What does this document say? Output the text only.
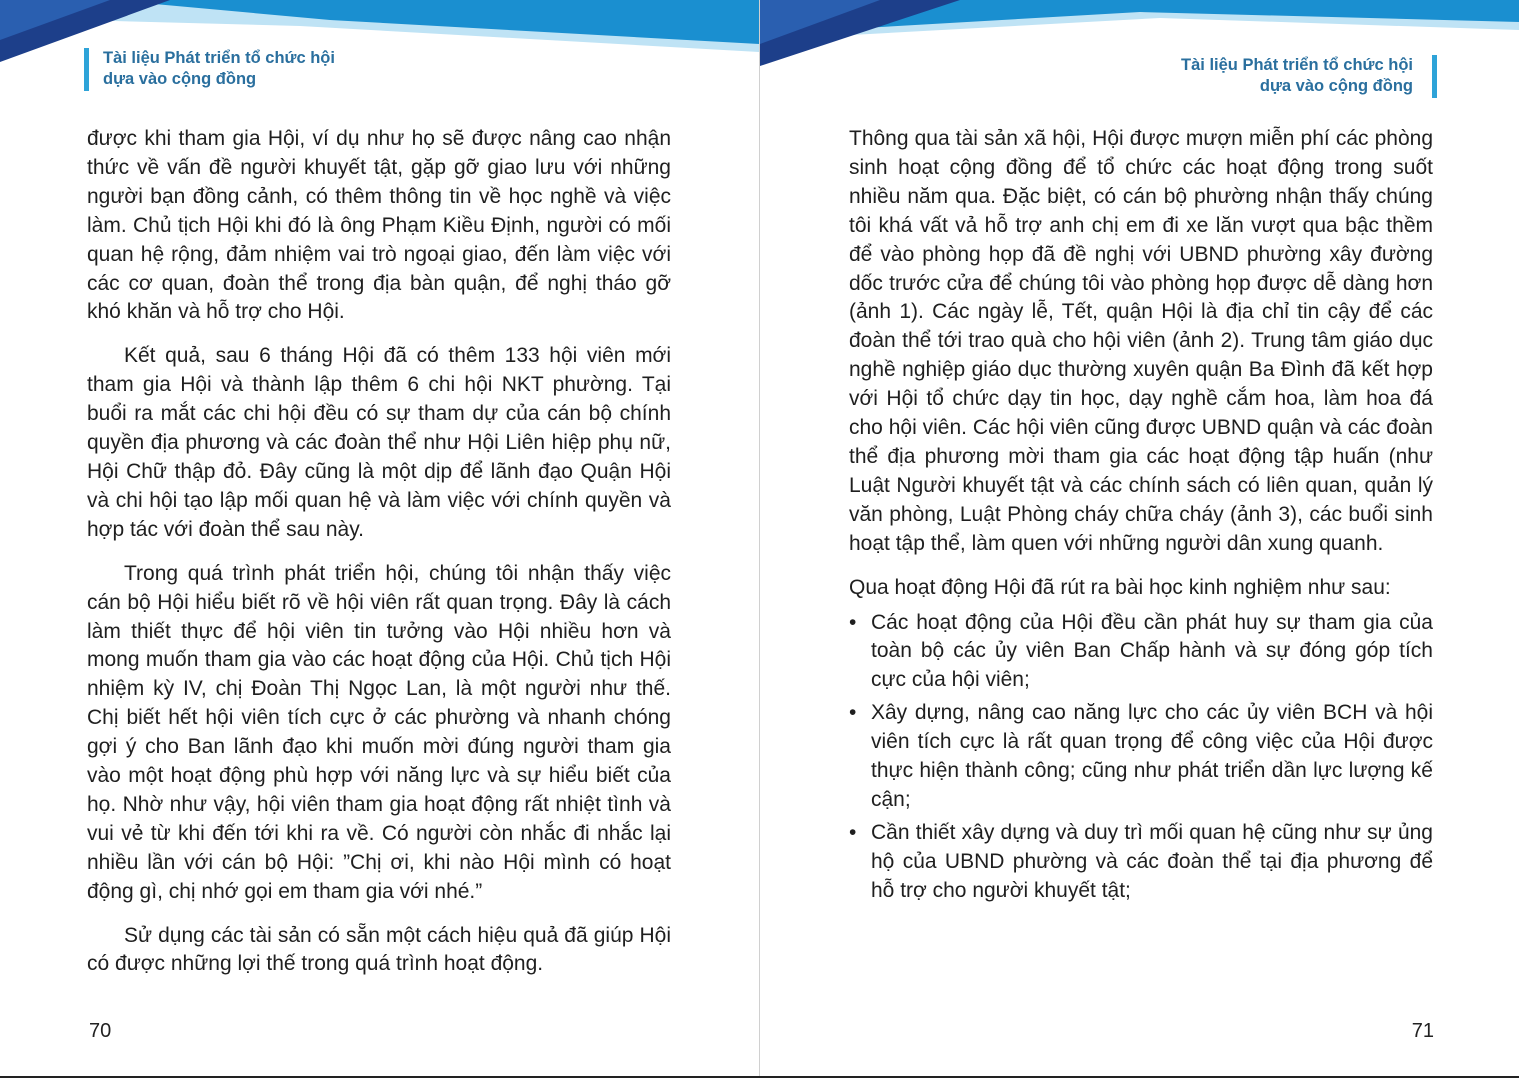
Tài liệu Phát triển tổ chức hội
dựa vào cộng đồng

được khi tham gia Hội, ví dụ như họ sẽ được nâng cao nhận thức về vấn đề người khuyết tật, gặp gỡ giao lưu với những người bạn đồng cảnh, có thêm thông tin về học nghề và việc làm. Chủ tịch Hội khi đó là ông Phạm Kiều Định, người có mối quan hệ rộng, đảm nhiệm vai trò ngoại giao, đến làm việc với các cơ quan, đoàn thể trong địa bàn quận, để nghị tháo gỡ khó khăn và hỗ trợ cho Hội.

Kết quả, sau 6 tháng Hội đã có thêm 133 hội viên mới tham gia Hội và thành lập thêm 6 chi hội NKT phường. Tại buổi ra mắt các chi hội đều có sự tham dự của cán bộ chính quyền địa phương và các đoàn thể như Hội Liên hiệp phụ nữ, Hội Chữ thập đỏ. Đây cũng là một dịp để lãnh đạo Quận Hội và chi hội tạo lập mối quan hệ và làm việc với chính quyền và hợp tác với đoàn thể sau này.

Trong quá trình phát triển hội, chúng tôi nhận thấy việc cán bộ Hội hiểu biết rõ về hội viên rất quan trọng. Đây là cách làm thiết thực để hội viên tin tưởng vào Hội nhiều hơn và mong muốn tham gia vào các hoạt động của Hội. Chủ tịch Hội nhiệm kỳ IV, chị Đoàn Thị Ngọc Lan, là một người như thế. Chị biết hết hội viên tích cực ở các phường và nhanh chóng gợi ý cho Ban lãnh đạo khi muốn mời đúng người tham gia vào một hoạt động phù hợp với năng lực và sự hiểu biết của họ. Nhờ như vậy, hội viên tham gia hoạt động rất nhiệt tình và vui vẻ từ khi đến tới khi ra về. Có người còn nhắc đi nhắc lại nhiều lần với cán bộ Hội: ”Chị ơi, khi nào Hội mình có hoạt động gì, chị nhớ gọi em tham gia với nhé.”

Sử dụng các tài sản có sẵn một cách hiệu quả đã giúp Hội có được những lợi thế trong quá trình hoạt động.

70
Tài liệu Phát triển tổ chức hội
dựa vào cộng đồng

Thông qua tài sản xã hội, Hội được mượn miễn phí các phòng sinh hoạt cộng đồng để tổ chức các hoạt động trong suốt nhiều năm qua. Đặc biệt, có cán bộ phường nhận thấy chúng tôi khá vất vả hỗ trợ anh chị em đi xe lăn vượt qua bậc thềm để vào phòng họp đã đề nghị với UBND phường xây đường dốc trước cửa để chúng tôi vào phòng họp được dễ dàng hơn (ảnh 1). Các ngày lễ, Tết, quận Hội là địa chỉ tin cậy để các đoàn thể tới trao quà cho hội viên (ảnh 2). Trung tâm giáo dục nghề nghiệp giáo dục thường xuyên quận Ba Đình đã kết hợp với Hội tổ chức dạy tin học, dạy nghề cắm hoa, làm hoa đá cho hội viên. Các hội viên cũng được UBND quận và các đoàn thể địa phương mời tham gia các hoạt động tập huấn (như Luật Người khuyết tật và các chính sách có liên quan, quản lý văn phòng, Luật Phòng cháy chữa cháy (ảnh 3), các buổi sinh hoạt tập thể, làm quen với những người dân xung quanh.

Qua hoạt động Hội đã rút ra bài học kinh nghiệm như sau:

• Các hoạt động của Hội đều cần phát huy sự tham gia của toàn bộ các ủy viên Ban Chấp hành và sự đóng góp tích cực của hội viên;
• Xây dựng, nâng cao năng lực cho các ủy viên BCH và hội viên tích cực là rất quan trọng để công việc của Hội được thực hiện thành công; cũng như phát triển dần lực lượng kế cận;
• Cần thiết xây dựng và duy trì mối quan hệ cũng như sự ủng hộ của UBND phường và các đoàn thể tại địa phương để hỗ trợ cho người khuyết tật;
71
